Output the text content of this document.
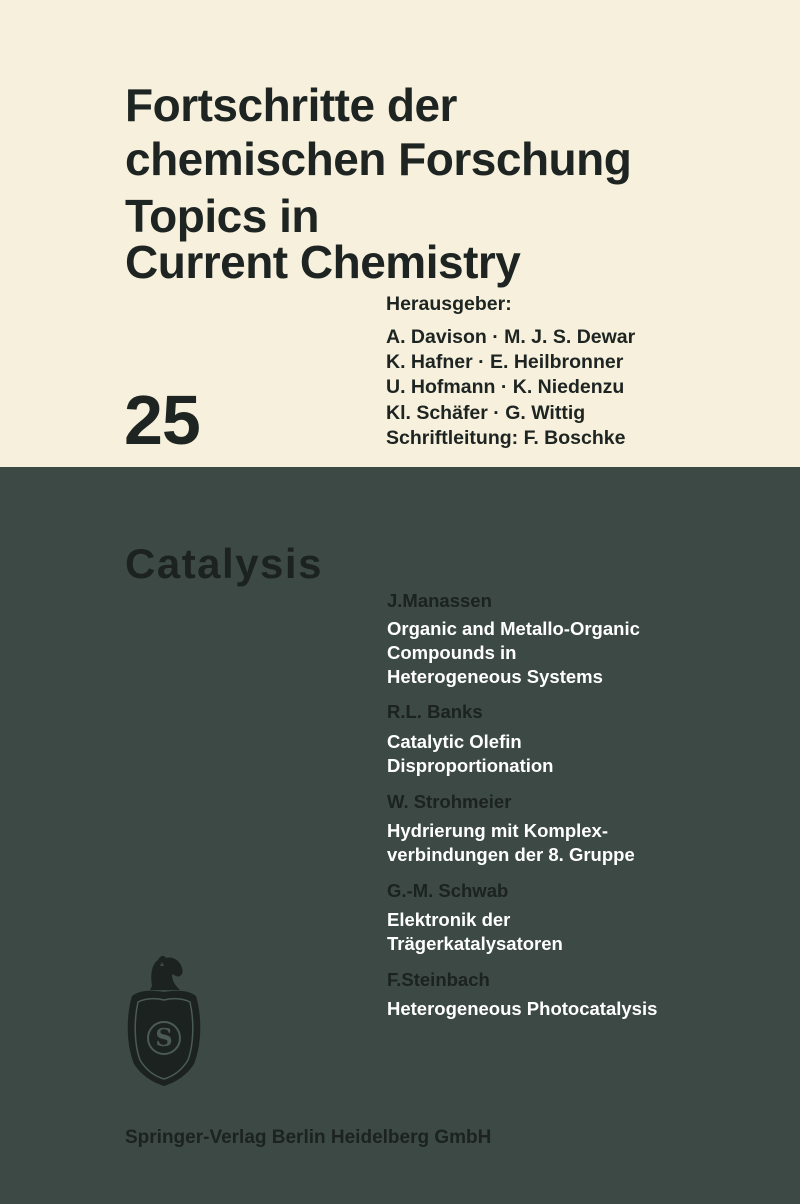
Fortschritte der
chemischen Forschung
Topics in
Current Chemistry
Herausgeber:
A. Davison · M. J. S. Dewar
K. Hafner · E. Heilbronner
U. Hofmann · K. Niedenzu
Kl. Schäfer · G. Wittig
Schriftleitung: F. Boschke
25
Catalysis
J.Manassen
Organic and Metallo-Organic
Compounds in
Heterogeneous Systems
R.L. Banks
Catalytic Olefin
Disproportionation
W. Strohmeier
Hydrierung mit Komplex-
verbindungen der 8. Gruppe
G.-M. Schwab
Elektronik der
Trägerkatalysatoren
F.Steinbach
Heterogeneous Photocatalysis
S
Springer-Verlag Berlin Heidelberg GmbH
